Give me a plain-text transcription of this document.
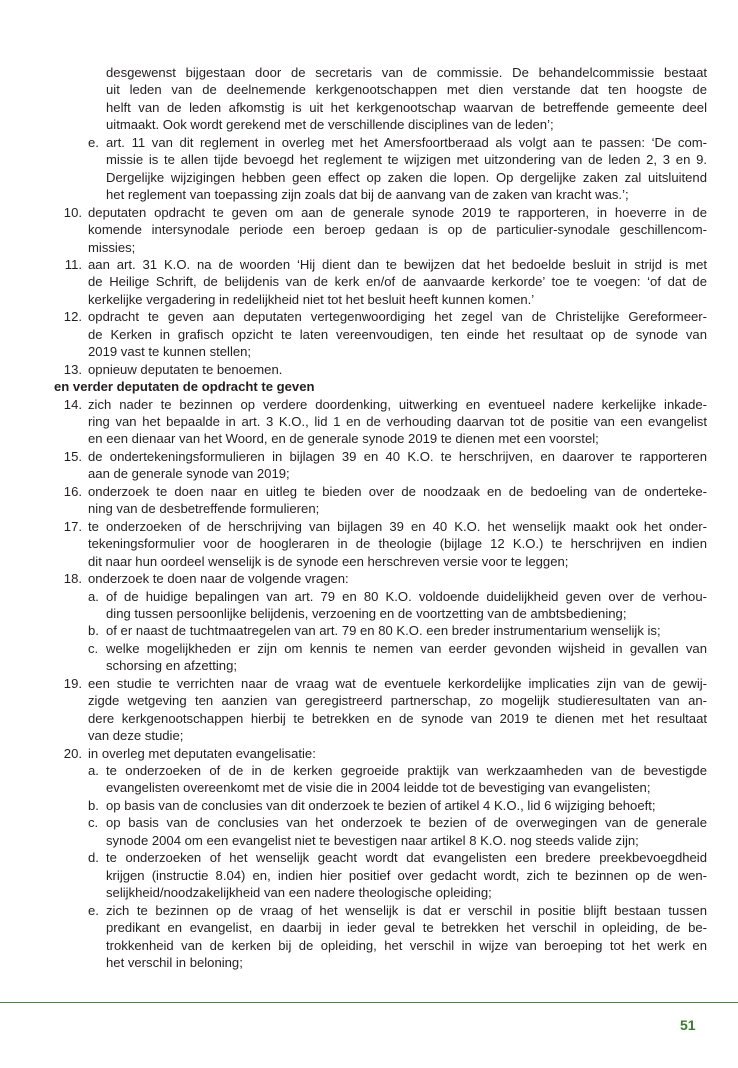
desgewenst bijgestaan door de secretaris van de commissie. De behandelcommissie bestaat
uit leden van de deelnemende kerkgenootschappen met dien verstande dat ten hoogste de
helft van de leden afkomstig is uit het kerkgenootschap waarvan de betreffende gemeente deel
uitmaakt. Ook wordt gerekend met de verschillende disciplines van de leden’;
e. art. 11 van dit reglement in overleg met het Amersfoortberaad als volgt aan te passen: ‘De com-
missie is te allen tijde bevoegd het reglement te wijzigen met uitzondering van de leden 2, 3 en 9.
Dergelijke wijzigingen hebben geen effect op zaken die lopen. Op dergelijke zaken zal uitsluitend
het reglement van toepassing zijn zoals dat bij de aanvang van de zaken van kracht was.’;
10. deputaten opdracht te geven om aan de generale synode 2019 te rapporteren, in hoeverre in de
komende intersynodale periode een beroep gedaan is op de particulier-synodale geschillencom-
missies;
11. aan art. 31 K.O. na de woorden ‘Hij dient dan te bewijzen dat het bedoelde besluit in strijd is met
de Heilige Schrift, de belijdenis van de kerk en/of de aanvaarde kerkorde’ toe te voegen: ‘of dat de
kerkelijke vergadering in redelijkheid niet tot het besluit heeft kunnen komen.’
12. opdracht te geven aan deputaten vertegenwoordiging het zegel van de Christelijke Gereformeer-
de Kerken in grafisch opzicht te laten vereenvoudigen, ten einde het resultaat op de synode van
2019 vast te kunnen stellen;
13. opnieuw deputaten te benoemen.
en verder deputaten de opdracht te geven
14. zich nader te bezinnen op verdere doordenking, uitwerking en eventueel nadere kerkelijke inkade-
ring van het bepaalde in art. 3 K.O., lid 1 en de verhouding daarvan tot de positie van een evangelist
en een dienaar van het Woord, en de generale synode 2019 te dienen met een voorstel;
15. de ondertekeningsformulieren in bijlagen 39 en 40 K.O. te herschrijven, en daarover te rapporteren
aan de generale synode van 2019;
16. onderzoek te doen naar en uitleg te bieden over de noodzaak en de bedoeling van de onderteke-
ning van de desbetreffende formulieren;
17. te onderzoeken of de herschrijving van bijlagen 39 en 40 K.O. het wenselijk maakt ook het onder-
tekeningsformulier voor de hoogleraren in de theologie (bijlage 12 K.O.) te herschrijven en indien
dit naar hun oordeel wenselijk is de synode een herschreven versie voor te leggen;
18. onderzoek te doen naar de volgende vragen:
a. of de huidige bepalingen van art. 79 en 80 K.O. voldoende duidelijkheid geven over de verhou-
ding tussen persoonlijke belijdenis, verzoening en de voortzetting van de ambtsbediening;
b. of er naast de tuchtmaatregelen van art. 79 en 80 K.O. een breder instrumentarium wenselijk is;
c. welke mogelijkheden er zijn om kennis te nemen van eerder gevonden wijsheid in gevallen van
schorsing en afzetting;
19. een studie te verrichten naar de vraag wat de eventuele kerkordelijke implicaties zijn van de gewij-
zigde wetgeving ten aanzien van geregistreerd partnerschap, zo mogelijk studieresultaten van an-
dere kerkgenootschappen hierbij te betrekken en de synode van 2019 te dienen met het resultaat
van deze studie;
20. in overleg met deputaten evangelisatie:
a. te onderzoeken of de in de kerken gegroeide praktijk van werkzaamheden van de bevestigde
evangelisten overeenkomt met de visie die in 2004 leidde tot de bevestiging van evangelisten;
b. op basis van de conclusies van dit onderzoek te bezien of artikel 4 K.O., lid 6 wijziging behoeft;
c. op basis van de conclusies van het onderzoek te bezien of de overwegingen van de generale
synode 2004 om een evangelist niet te bevestigen naar artikel 8 K.O. nog steeds valide zijn;
d. te onderzoeken of het wenselijk geacht wordt dat evangelisten een bredere preekbevoegdheid
krijgen (instructie 8.04) en, indien hier positief over gedacht wordt, zich te bezinnen op de wen-
selijkheid/noodzakelijkheid van een nadere theologische opleiding;
e. zich te bezinnen op de vraag of het wenselijk is dat er verschil in positie blijft bestaan tussen
predikant en evangelist, en daarbij in ieder geval te betrekken het verschil in opleiding, de be-
trokkenheid van de kerken bij de opleiding, het verschil in wijze van beroeping tot het werk en
het verschil in beloning;
51
